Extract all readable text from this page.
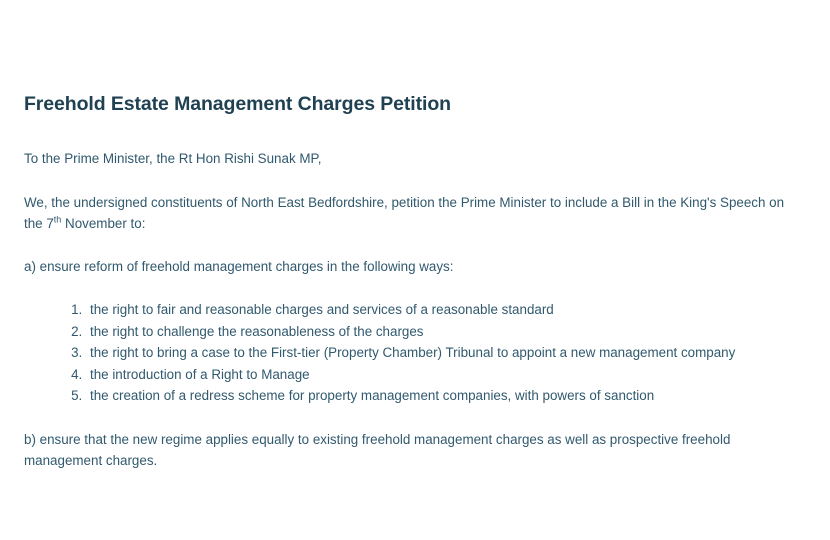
Freehold Estate Management Charges Petition

To the Prime Minister, the Rt Hon Rishi Sunak MP,

We, the undersigned constituents of North East Bedfordshire, petition the Prime Minister to include a Bill in the King's Speech on the 7th November to:

a) ensure reform of freehold management charges in the following ways:

1. the right to fair and reasonable charges and services of a reasonable standard
2. the right to challenge the reasonableness of the charges
3. the right to bring a case to the First-tier (Property Chamber) Tribunal to appoint a new management company
4. the introduction of a Right to Manage
5. the creation of a redress scheme for property management companies, with powers of sanction

b) ensure that the new regime applies equally to existing freehold management charges as well as prospective freehold management charges.
